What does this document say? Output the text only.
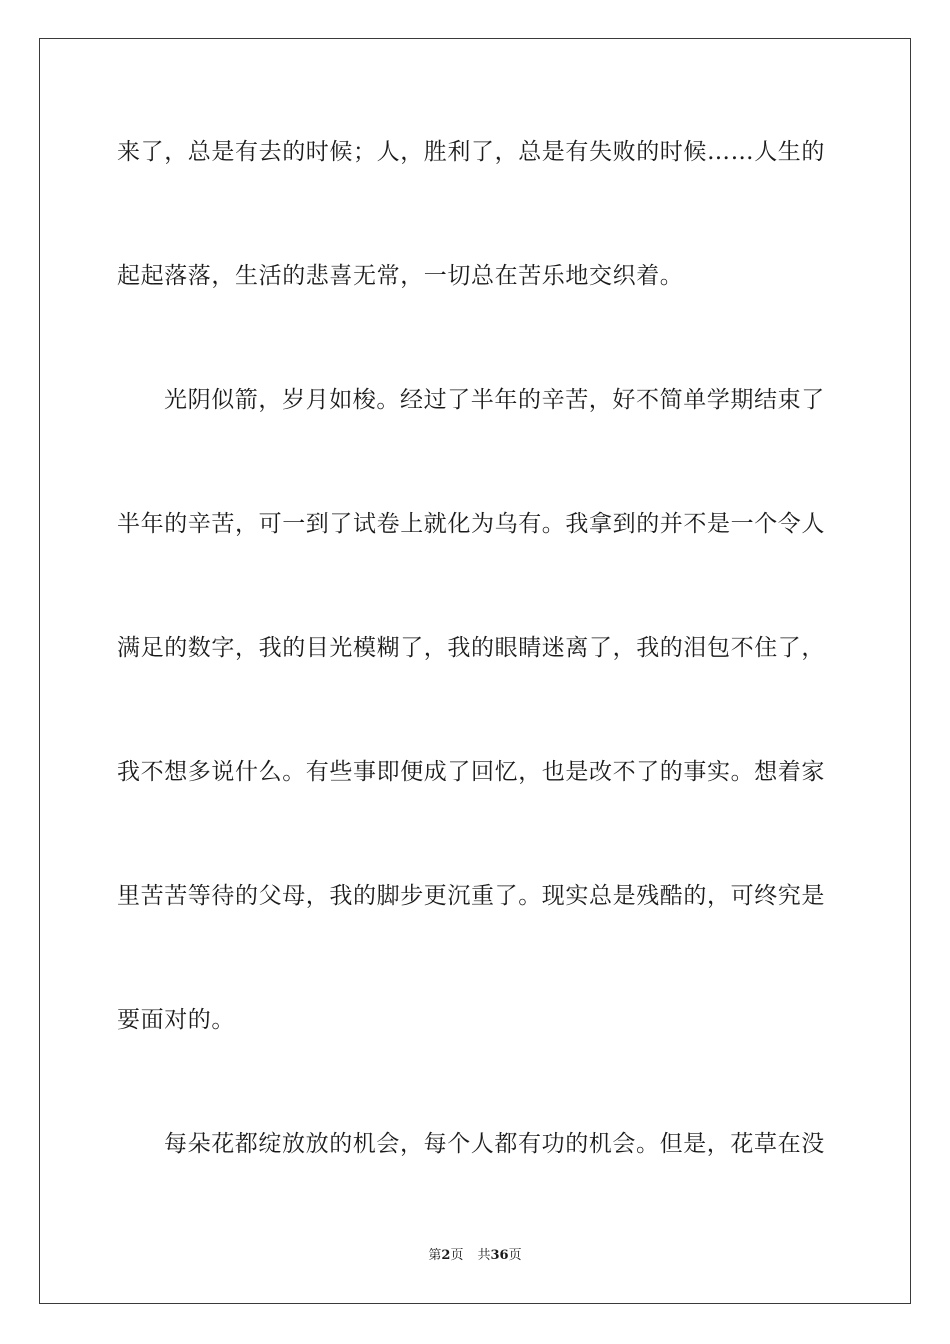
来了，总是有去的时候；人，胜利了，总是有失败的时候……人生的
起起落落，生活的悲喜无常，一切总在苦乐地交织着。
光阴似箭，岁月如梭。经过了半年的辛苦，好不简单学期结束了
半年的辛苦，可一到了试卷上就化为乌有。我拿到的并不是一个令人
满足的数字，我的目光模糊了，我的眼睛迷离了，我的泪包不住了，
我不想多说什么。有些事即便成了回忆，也是改不了的事实。想着家
里苦苦等待的父母，我的脚步更沉重了。现实总是残酷的，可终究是
要面对的。
每朵花都绽放放的机会，每个人都有功的机会。但是，花草在没
第2页 共36页
